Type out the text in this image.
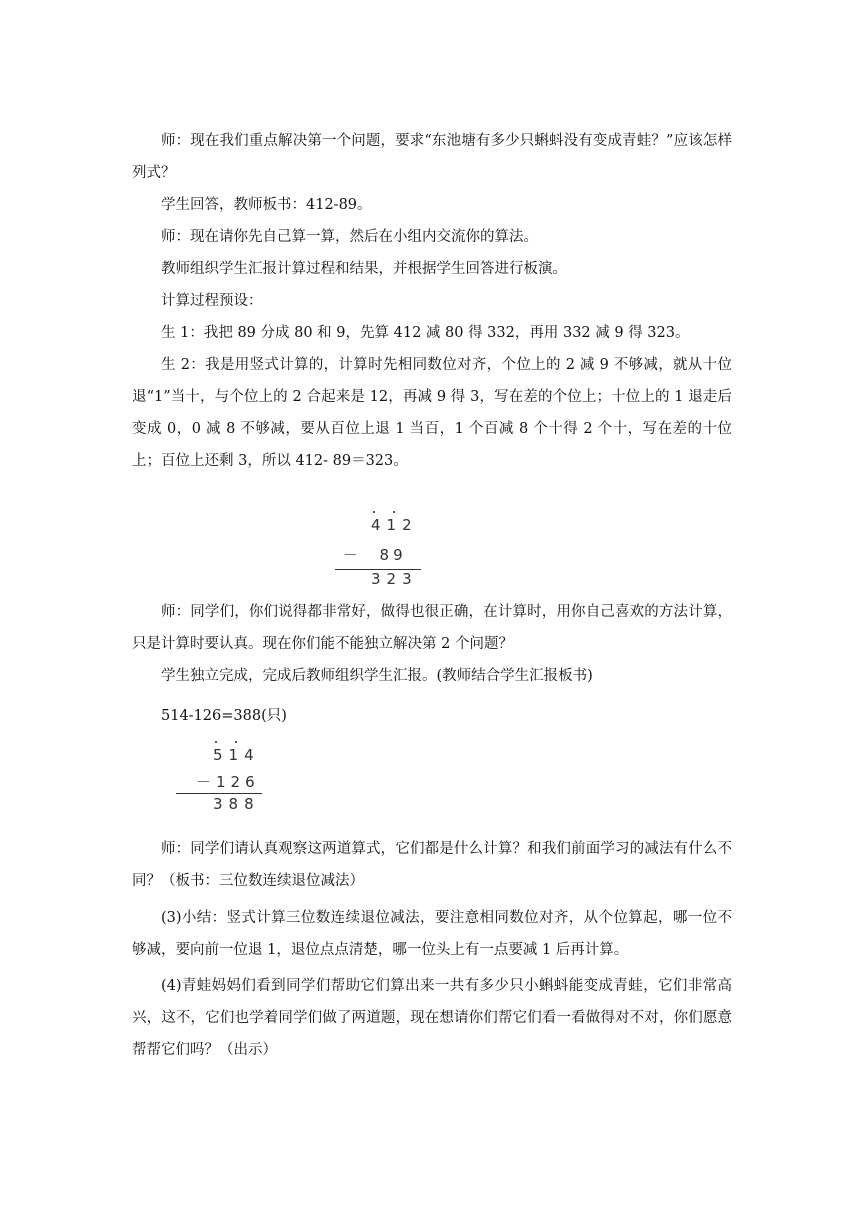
师：现在我们重点解决第一个问题，要求“东池塘有多少只蝌蚪没有变成青蛙？”应该怎样列式？

学生回答，教师板书：412-89。

师：现在请你先自己算一算，然后在小组内交流你的算法。

教师组织学生汇报计算过程和结果，并根据学生回答进行板演。

计算过程预设：

生 1：我把 89 分成 80 和 9，先算 412 减 80 得 332，再用 332 减 9 得 323。

生 2：我是用竖式计算的，计算时先相同数位对齐，个位上的 2 减 9 不够减，就从十位退“1”当十，与个位上的 2 合起来是 12，再减 9 得 3，写在差的个位上；十位上的 1 退走后变成 0，0 减 8 不够减，要从百位上退 1 当百，1 个百减 8 个十得 2 个十，写在差的十位上；百位上还剩 3，所以 412- 89＝323。

412
－  89
323

师：同学们，你们说得都非常好，做得也很正确，在计算时，用你自己喜欢的方法计算，只是计算时要认真。现在你们能不能独立解决第 2 个问题？

学生独立完成，完成后教师组织学生汇报。(教师结合学生汇报板书)

514-126=388(只)

514
－126
388

师：同学们请认真观察这两道算式，它们都是什么计算？和我们前面学习的减法有什么不同？（板书：三位数连续退位减法）

(3)小结：竖式计算三位数连续退位减法，要注意相同数位对齐，从个位算起，哪一位不够减，要向前一位退 1，退位点点清楚，哪一位头上有一点要减 1 后再计算。

(4)青蛙妈妈们看到同学们帮助它们算出来一共有多少只小蝌蚪能变成青蛙，它们非常高兴，这不，它们也学着同学们做了两道题，现在想请你们帮它们看一看做得对不对，你们愿意帮帮它们吗？（出示）
